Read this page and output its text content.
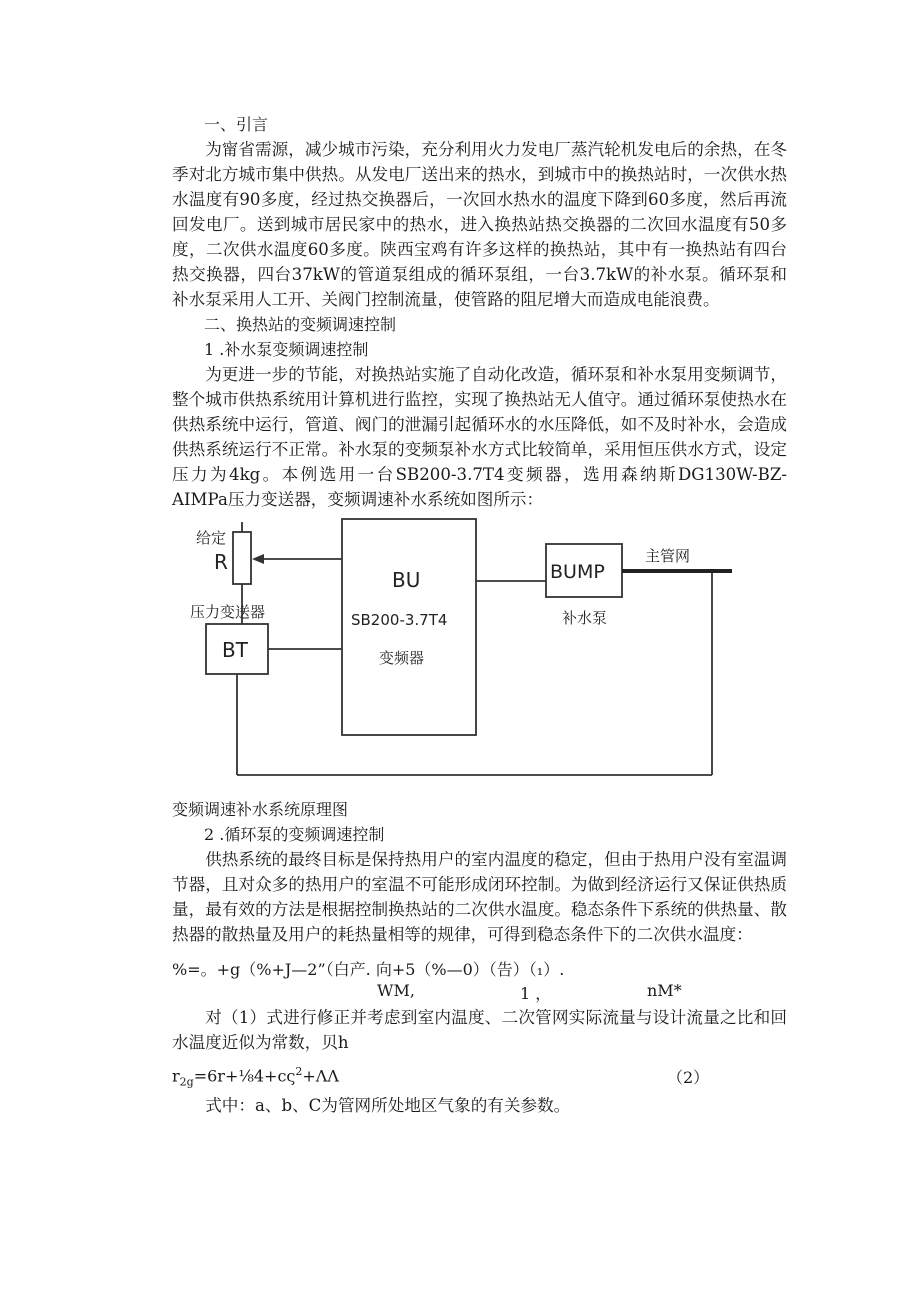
一、引言

为甯省需源，减少城市污染，充分利用火力发电厂蒸汽轮机发电后的余热，在冬季对北方城市集中供热。从发电厂送出来的热水，到城市中的换热站时，一次供水热水温度有90多度，经过热交换器后，一次回水热水的温度下降到60多度，然后再流回发电厂。送到城市居民家中的热水，进入换热站热交换器的二次回水温度有50多度，二次供水温度60多度。陕西宝鸡有许多这样的换热站，其中有一换热站有四台热交换器，四台37kW的管道泵组成的循环泵组，一台3.7kW的补水泵。循环泵和补水泵采用人工开、关阀门控制流量，使管路的阻尼增大而造成电能浪费。

二、换热站的变频调速控制

1 .补水泵变频调速控制

为更进一步的节能，对换热站实施了自动化改造，循环泵和补水泵用变频调节，整个城市供热系统用计算机进行监控，实现了换热站无人值守。通过循环泵使热水在供热系统中运行，管道、阀门的泄漏引起循环水的水压降低，如不及时补水，会造成供热系统运行不正常。补水泵的变频泵补水方式比较简单，采用恒压供水方式，设定压力为4kg。本例选用一台SB200-3.7T4变频器，选用森纳斯DG130W-BZ-AIMPa压力变送器，变频调速补水系统如图所示：

给定
R
压力变送器
BT
BU
SB200-3.7T4
变频器
BUMP
补水泵
主管网

变频调速补水系统原理图

2 .循环泵的变频调速控制

供热系统的最终目标是保持热用户的室内温度的稳定，但由于热用户没有室温调节器，且对众多的热用户的室温不可能形成闭环控制。为做到经济运行又保证供热质量，最有效的方法是根据控制换热站的二次供水温度。稳态条件下系统的供热量、散热器的散热量及用户的耗热量相等的规律，可得到稳态条件下的二次供水温度：

%=。+g（%+J—2”（白产. 向+5（%—0）（告）（₁）.
WM,	1 ，	nM*

对（1）式进行修正并考虑到室内温度、二次管网实际流量与设计流量之比和回水温度近似为常数，贝h

$r_{2g}=6r+\frac{1}{8}4+c\varsigma^2+\Lambda\Lambda$	（2）

式中：a、b、C为管网所处地区气象的有关参数。
